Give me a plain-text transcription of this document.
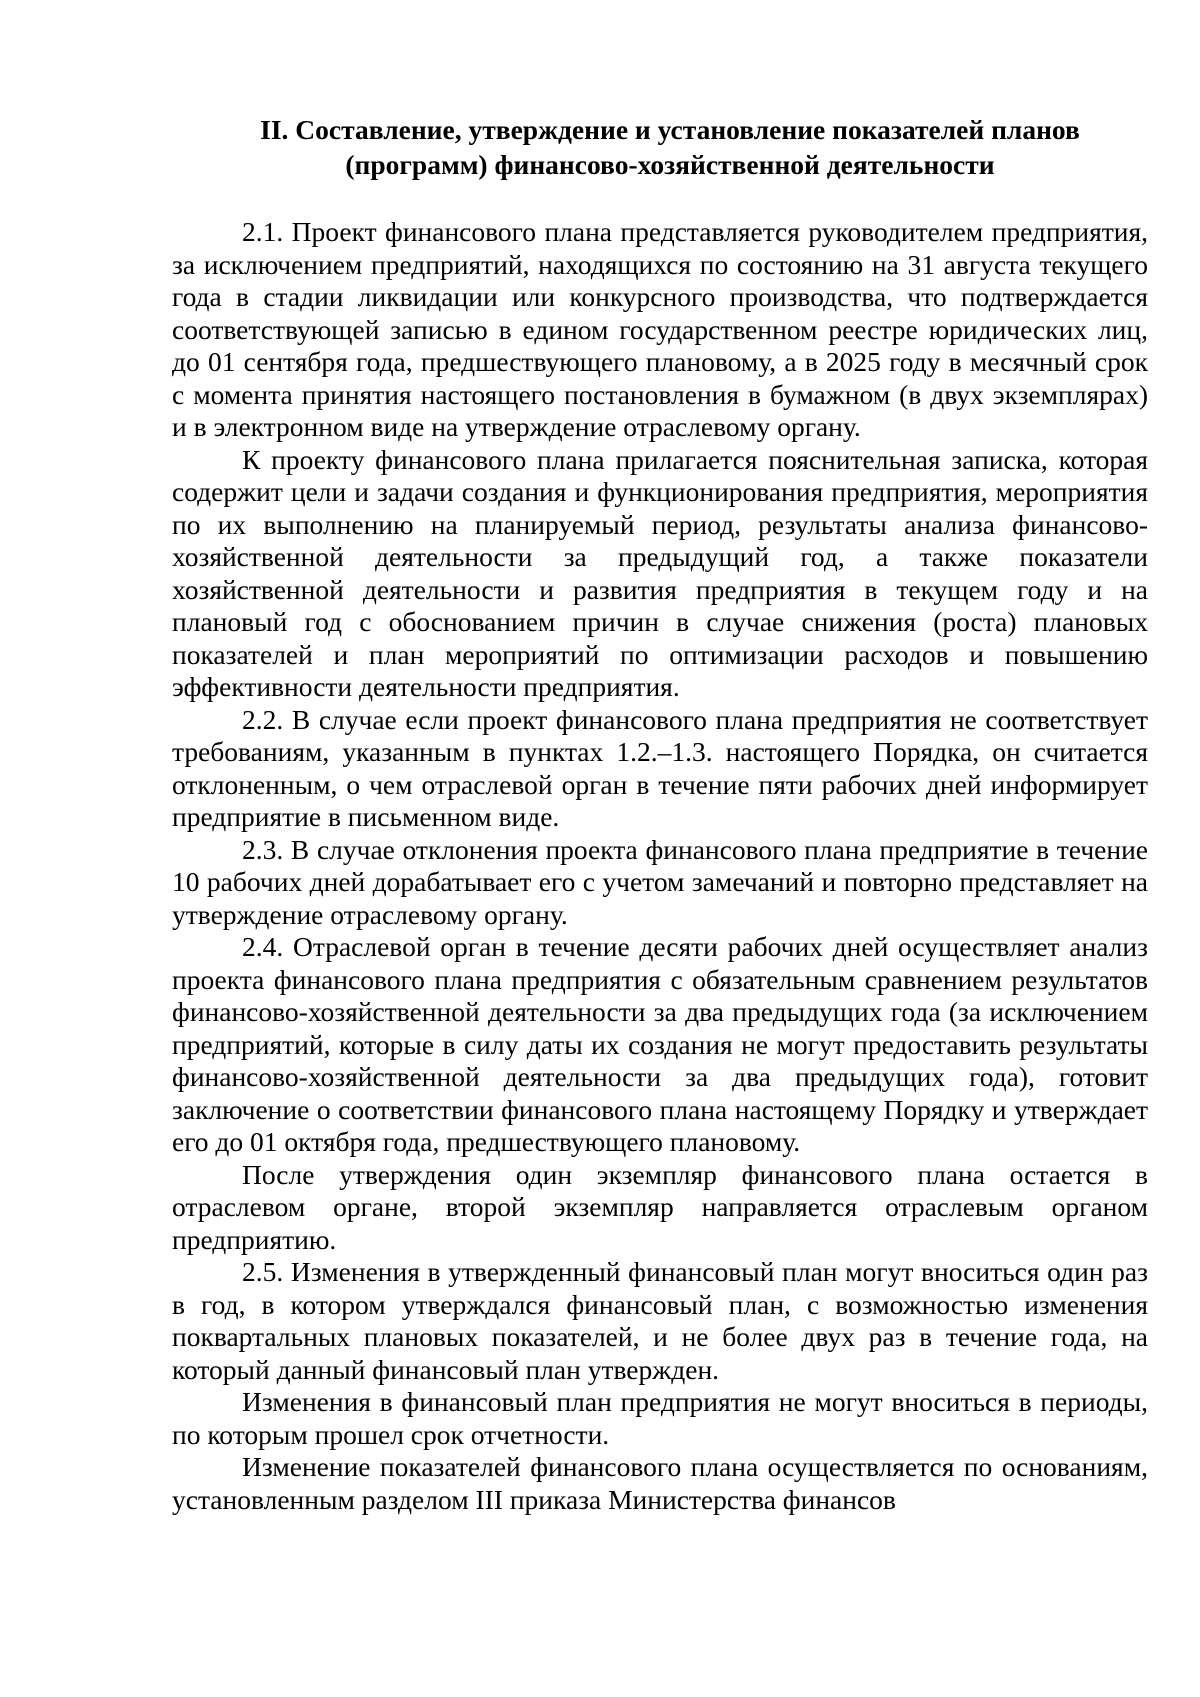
II. Составление, утверждение и установление показателей планов
(программ) финансово-хозяйственной деятельности

2.1. Проект финансового плана представляется руководителем предприятия, за исключением предприятий, находящихся по состоянию на 31 августа текущего года в стадии ликвидации или конкурсного производства, что подтверждается соответствующей записью в едином государственном реестре юридических лиц, до 01 сентября года, предшествующего плановому, а в 2025 году в месячный срок с момента принятия настоящего постановления в бумажном (в двух экземплярах) и в электронном виде на утверждение отраслевому органу.

К проекту финансового плана прилагается пояснительная записка, которая содержит цели и задачи создания и функционирования предприятия, мероприятия по их выполнению на планируемый период, результаты анализа финансово-хозяйственной деятельности за предыдущий год, а также показатели хозяйственной деятельности и развития предприятия в текущем году и на плановый год с обоснованием причин в случае снижения (роста) плановых показателей и план мероприятий по оптимизации расходов и повышению эффективности деятельности предприятия.

2.2. В случае если проект финансового плана предприятия не соответствует требованиям, указанным в пунктах 1.2.–1.3. настоящего Порядка, он считается отклоненным, о чем отраслевой орган в течение пяти рабочих дней информирует предприятие в письменном виде.

2.3. В случае отклонения проекта финансового плана предприятие в течение 10 рабочих дней дорабатывает его с учетом замечаний и повторно представляет на утверждение отраслевому органу.

2.4. Отраслевой орган в течение десяти рабочих дней осуществляет анализ проекта финансового плана предприятия с обязательным сравнением результатов финансово-хозяйственной деятельности за два предыдущих года (за исключением предприятий, которые в силу даты их создания не могут предоставить результаты финансово-хозяйственной деятельности за два предыдущих года), готовит заключение о соответствии финансового плана настоящему Порядку и утверждает его до 01 октября года, предшествующего плановому.

После утверждения один экземпляр финансового плана остается в отраслевом органе, второй экземпляр направляется отраслевым органом предприятию.

2.5. Изменения в утвержденный финансовый план могут вноситься один раз в год, в котором утверждался финансовый план, с возможностью изменения поквартальных плановых показателей, и не более двух раз в течение года, на который данный финансовый план утвержден.

Изменения в финансовый план предприятия не могут вноситься в периоды, по которым прошел срок отчетности.

Изменение показателей финансового плана осуществляется по основаниям, установленным разделом III приказа Министерства финансов
